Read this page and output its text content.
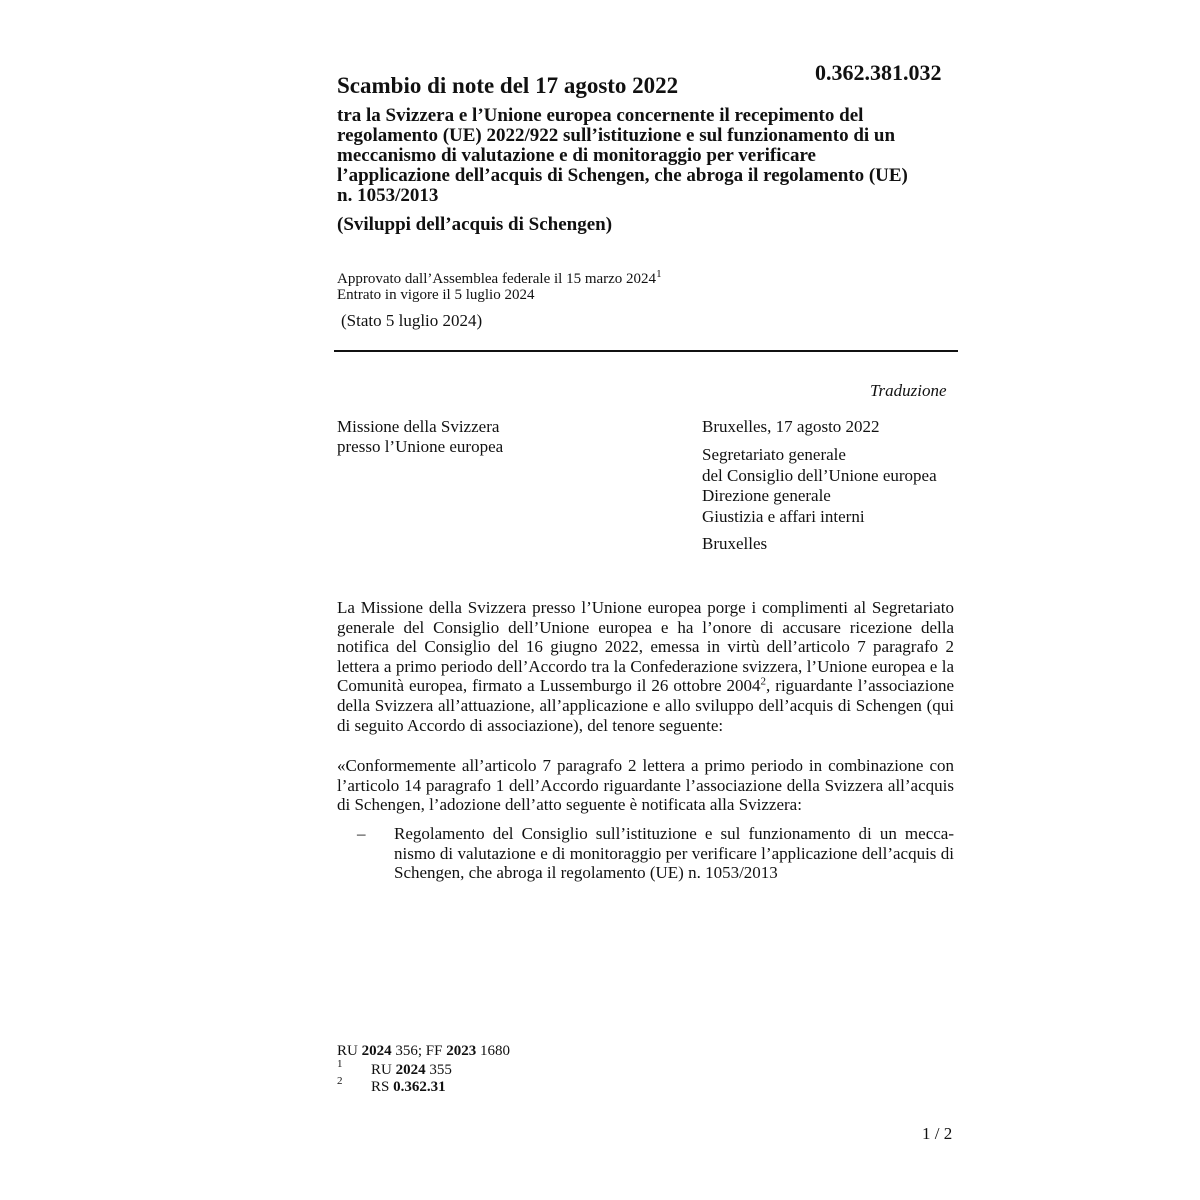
0.362.381.032
Scambio di note del 17 agosto 2022
tra la Svizzera e l’Unione europea concernente il recepimento del
regolamento (UE) 2022/922 sull’istituzione e sul funzionamento di un
meccanismo di valutazione e di monitoraggio per verificare
l’applicazione dell’acquis di Schengen, che abroga il regolamento (UE)
n. 1053/2013
(Sviluppi dell’acquis di Schengen)
Approvato dall’Assemblea federale il 15 marzo 2024$^1$
Entrato in vigore il 5 luglio 2024
(Stato 5 luglio 2024)
Traduzione
Missione della Svizzera
presso l’Unione europea
Bruxelles, 17 agosto 2022
Segretariato generale
del Consiglio dell’Unione europea
Direzione generale
Giustizia e affari interni
Bruxelles
La Missione della Svizzera presso l’Unione europea porge i complimenti al Segretariato generale del Consiglio dell’Unione europea e ha l’onore di accusare ricezione della notifica del Consiglio del 16 giugno 2022, emessa in virtù dell’articolo 7 paragrafo 2 lettera a primo periodo dell’Accordo tra la Confederazione svizzera, l’Unione europea e la Comunità europea, firmato a Lussemburgo il 26 ottobre 2004$^2$, riguardante l’associazione della Svizzera all’attuazione, all’applicazione e allo sviluppo dell’acquis di Schengen (qui di seguito Accordo di associazione), del tenore seguente:
«Conformemente all’articolo 7 paragrafo 2 lettera a primo periodo in combinazione con l’articolo 14 paragrafo 1 dell’Accordo riguardante l’associazione della Svizzera all’acquis di Schengen, l’adozione dell’atto seguente è notificata alla Svizzera:
– Regolamento del Consiglio sull’istituzione e sul funzionamento di un meccanismo di valutazione e di monitoraggio per verificare l’applicazione dell’acquis di Schengen, che abroga il regolamento (UE) n. 1053/2013
RU 2024 356; FF 2023 1680
1 RU 2024 355
2 RS 0.362.31
1 / 2
